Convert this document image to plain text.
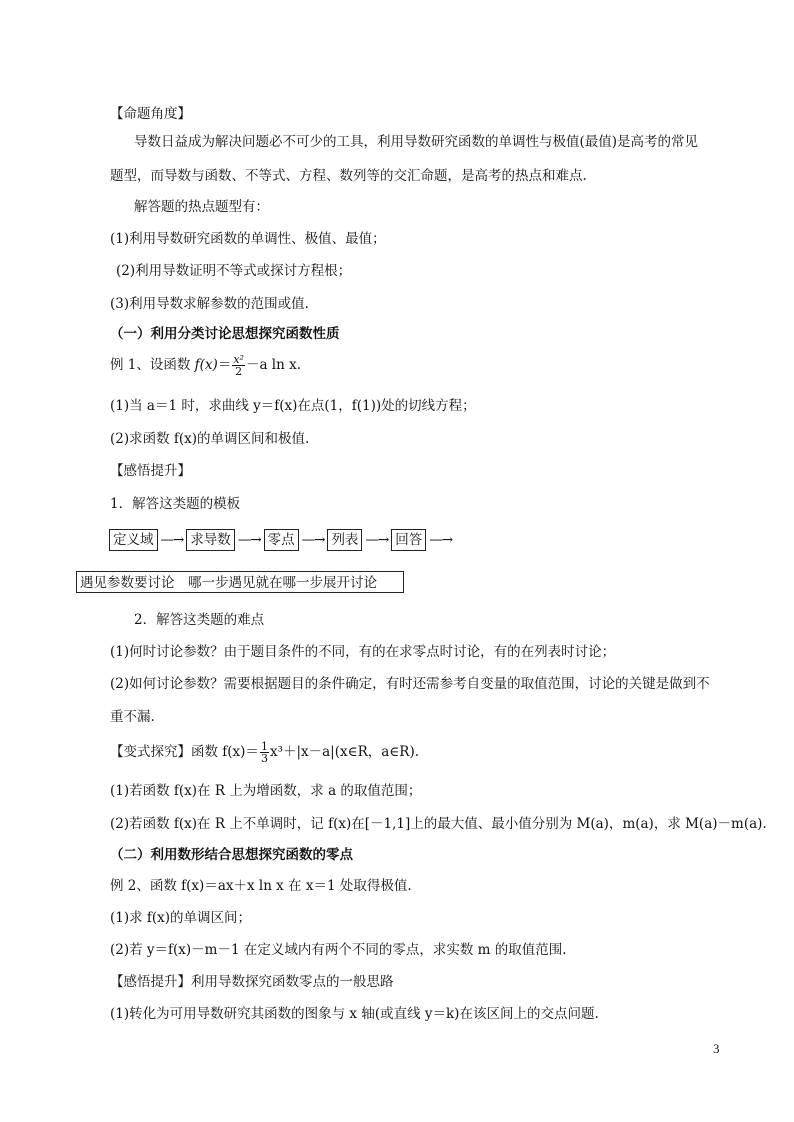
【命题角度】
导数日益成为解决问题必不可少的工具，利用导数研究函数的单调性与极值(最值)是高考的常见
题型，而导数与函数、不等式、方程、数列等的交汇命题，是高考的热点和难点.
解答题的热点题型有：
(1)利用导数研究函数的单调性、极值、最值；
(2)利用导数证明不等式或探讨方程根；
(3)利用导数求解参数的范围或值.
（一）利用分类讨论思想探究函数性质
例 1、设函数 $f(x)= \frac{\text{x²}}{2} -a$ ln x.
(1)当 a＝1 时，求曲线 y＝f(x)在点(1，f(1))处的切线方程；
(2)求函数 f(x)的单调区间和极值.
【感悟提升】
1．解答这类题的模板
定义域 —→ 求导数 —→ 零点 —→ 列表 —→ 回答 —→
遇见参数要讨论　哪一步遇见就在哪一步展开讨论
2．解答这类题的难点
(1)何时讨论参数？由于题目条件的不同，有的在求零点时讨论，有的在列表时讨论；
(2)如何讨论参数？需要根据题目的条件确定，有时还需参考自变量的取值范围，讨论的关键是做到不
重不漏.
【变式探究】函数 $f(x)= \frac{1}{3}$ x³＋|x－a|(x∈R，a∈R).
(1)若函数 f(x)在 R 上为增函数，求 a 的取值范围；
(2)若函数 f(x)在 R 上不单调时，记 f(x)在[－1,1]上的最大值、最小值分别为 M(a)，m(a)，求 M(a)－m(a).
（二）利用数形结合思想探究函数的零点
例 2、函数 f(x)＝ax＋x ln x 在 x＝1 处取得极值.
(1)求 f(x)的单调区间；
(2)若 y＝f(x)－m－1 在定义域内有两个不同的零点，求实数 m 的取值范围.
【感悟提升】利用导数探究函数零点的一般思路
(1)转化为可用导数研究其函数的图象与 x 轴(或直线 y＝k)在该区间上的交点问题.
3
